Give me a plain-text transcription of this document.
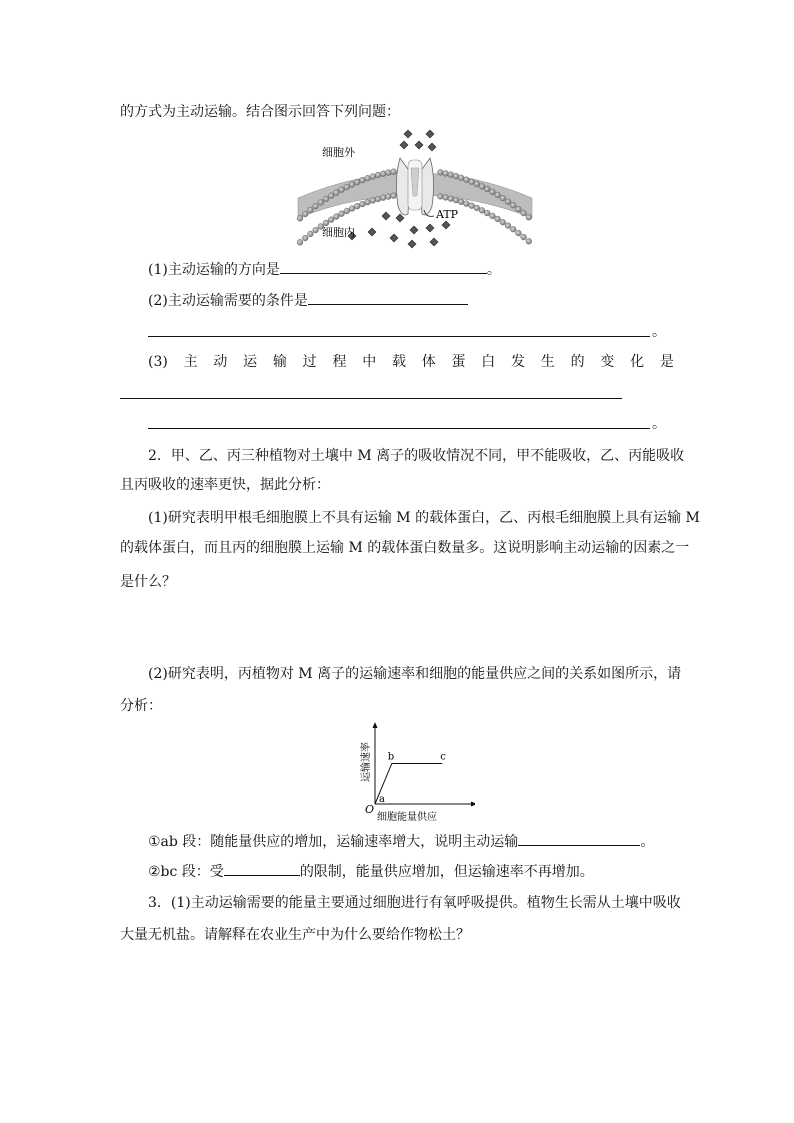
的方式为主动运输。结合图示回答下列问题：
ATP
细胞外
细胞内
(1)主动运输的方向是	。
(2)主动运输需要的条件是
。
(3) 主 动 运 输 过 程 中 载 体 蛋 白 发 生 的 变 化 是
。
2．甲、乙、丙三种植物对土壤中 M 离子的吸收情况不同，甲不能吸收，乙、丙能吸收
且丙吸收的速率更快，据此分析：
(1)研究表明甲根毛细胞膜上不具有运输 M 的载体蛋白，乙、丙根毛细胞膜上具有运输 M
的载体蛋白，而且丙的细胞膜上运输 M 的载体蛋白数量多。这说明影响主动运输的因素之一
是什么？
(2)研究表明，丙植物对 M 离子的运输速率和细胞的能量供应之间的关系如图所示，请
分析：
a
b	c
O
细胞能量供应
运输速率
①ab 段：随能量供应的增加，运输速率增大，说明主动运输	。
②bc 段：受	的限制，能量供应增加，但运输速率不再增加。
3．(1)主动运输需要的能量主要通过细胞进行有氧呼吸提供。植物生长需从土壤中吸收
大量无机盐。请解释在农业生产中为什么要给作物松土？
